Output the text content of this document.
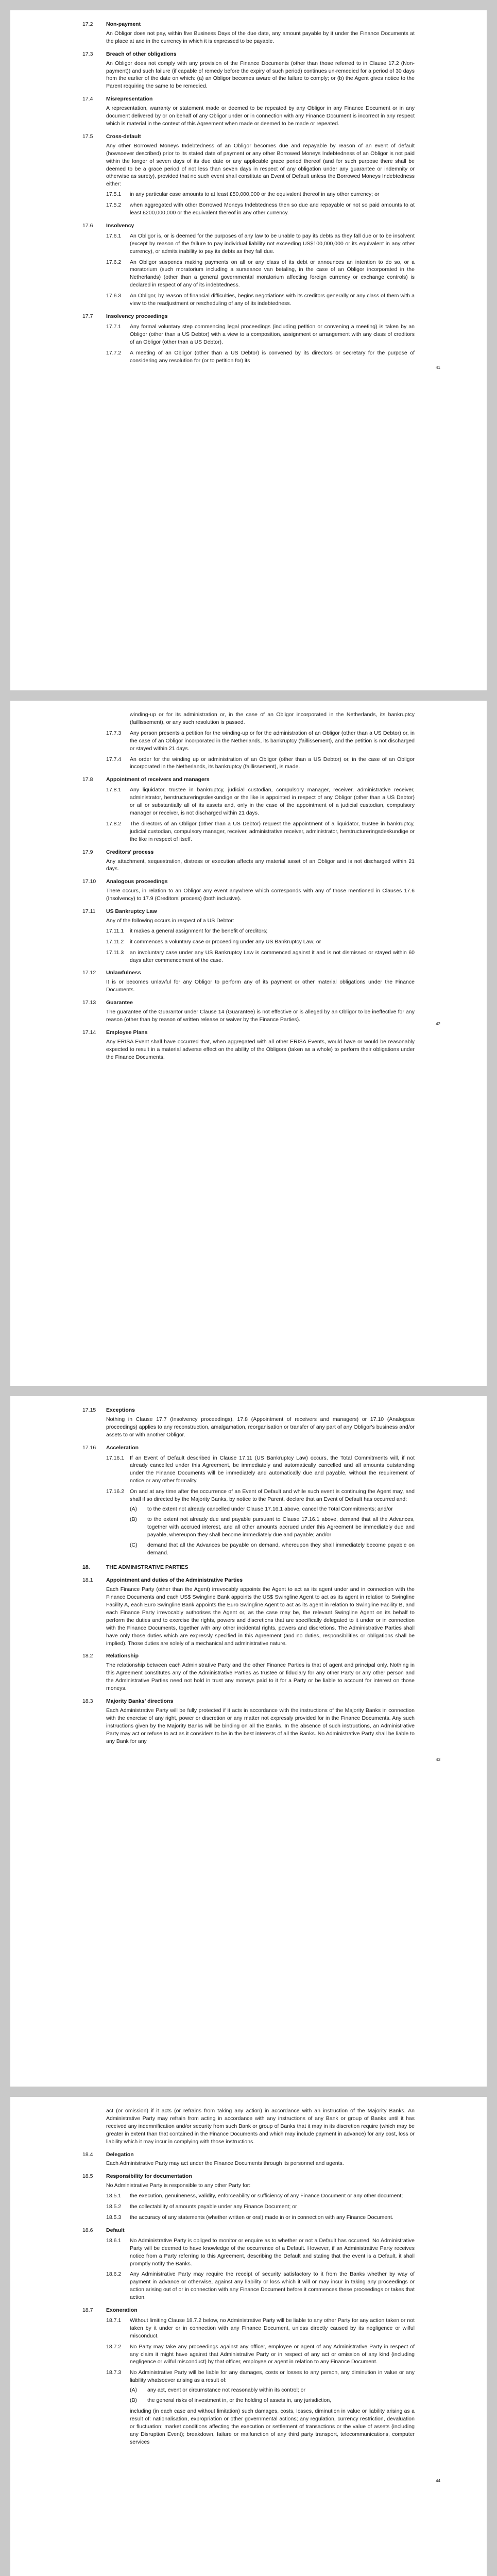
17.2	Non-payment

An Obligor does not pay, within five Business Days of the due date, any amount payable by it under the Finance Documents at the place at and in the currency in which it is expressed to be payable.

17.3	Breach of other obligations

An Obligor does not comply with any provision of the Finance Documents (other than those referred to in Clause 17.2 (Non-payment)) and such failure (if capable of remedy before the expiry of such period) continues un-remedied for a period of 30 days from the earlier of the date on which: (a) an Obligor becomes aware of the failure to comply; or (b) the Agent gives notice to the Parent requiring the same to be remedied.

17.4	Misrepresentation

A representation, warranty or statement made or deemed to be repeated by any Obligor in any Finance Document or in any document delivered by or on behalf of any Obligor under or in connection with any Finance Document is incorrect in any respect which is material in the context of this Agreement when made or deemed to be made or repeated.

17.5	Cross-default

Any other Borrowed Moneys Indebtedness of an Obligor becomes due and repayable by reason of an event of default (howsoever described) prior to its stated date of payment or any other Borrowed Moneys Indebtedness of an Obligor is not paid within the longer of seven days of its due date or any applicable grace period thereof (and for such purpose there shall be deemed to be a grace period of not less than seven days in respect of any obligation under any guarantee or indemnity or otherwise as surety), provided that no such event shall constitute an Event of Default unless the Borrowed Moneys Indebtedness either:

17.5.1 in any particular case amounts to at least £50,000,000 or the equivalent thereof in any other currency; or
17.5.2 when aggregated with other Borrowed Moneys Indebtedness then so due and repayable or not so paid amounts to at least £200,000,000 or the equivalent thereof in any other currency.
17.6	Insolvency
17.6.1 An Obligor is, or is deemed for the purposes of any law to be unable to pay its debts as they fall due or to be insolvent (except by reason of the failure to pay individual liability not exceeding US$100,000,000 or its equivalent in any other currency), or admits inability to pay its debts as they fall due.
17.6.2 An Obligor suspends making payments on all or any class of its debt or announces an intention to do so, or a moratorium (such moratorium including a surseance van betaling, in the case of an Obligor incorporated in the Netherlands) (other than a general governmental moratorium affecting foreign currency or exchange controls) is declared in respect of any of its indebtedness.
17.6.3 An Obligor, by reason of financial difficulties, begins negotiations with its creditors generally or any class of them with a view to the readjustment or rescheduling of any of its indebtedness.
17.7	Insolvency proceedings
17.7.1 Any formal voluntary step commencing legal proceedings (including petition or convening a meeting) is taken by an Obligor (other than a US Debtor) with a view to a composition, assignment or arrangement with any class of creditors of an Obligor (other than a US Debtor).
17.7.2 A meeting of an Obligor (other than a US Debtor) is convened by its directors or secretary for the purpose of considering any resolution for (or to petition for) its
41

winding-up or for its administration or, in the case of an Obligor incorporated in the Netherlands, its bankruptcy (faillissement), or any such resolution is passed.

17.7.3 Any person presents a petition for the winding-up or for the administration of an Obligor (other than a US Debtor) or, in the case of an Obligor incorporated in the Netherlands, its bankruptcy (faillissement), and the petition is not discharged or stayed within 21 days.
17.7.4 An order for the winding up or administration of an Obligor (other than a US Debtor) or, in the case of an Obligor incorporated in the Netherlands, its bankruptcy (faillissement), is made.
17.8	Appointment of receivers and managers
17.8.1 Any liquidator, trustee in bankruptcy, judicial custodian, compulsory manager, receiver, administrative receiver, administrator, herstructureringsdeskundige or the like is appointed in respect of any Obligor (other than a US Debtor) or all or substantially all of its assets and, only in the case of the appointment of a judicial custodian, compulsory manager or receiver, is not discharged within 21 days.
17.8.2 The directors of an Obligor (other than a US Debtor) request the appointment of a liquidator, trustee in bankruptcy, judicial custodian, compulsory manager, receiver, administrative receiver, administrator, herstructureringsdeskundige or the like in respect of itself.
17.9	Creditors' process

Any attachment, sequestration, distress or execution affects any material asset of an Obligor and is not discharged within 21 days.

17.10	Analogous proceedings

There occurs, in relation to an Obligor any event anywhere which corresponds with any of those mentioned in Clauses 17.6 (Insolvency) to 17.9 (Creditors' process) (both inclusive).

17.11	US Bankruptcy Law

Any of the following occurs in respect of a US Debtor:

17.11.1 it makes a general assignment for the benefit of creditors;
17.11.2 it commences a voluntary case or proceeding under any US Bankruptcy Law; or
17.11.3 an involuntary case under any US Bankruptcy Law is commenced against it and is not dismissed or stayed within 60 days after commencement of the case.
17.12	Unlawfulness

It is or becomes unlawful for any Obligor to perform any of its payment or other material obligations under the Finance Documents.

17.13	Guarantee

The guarantee of the Guarantor under Clause 14 (Guarantee) is not effective or is alleged by an Obligor to be ineffective for any reason (other than by reason of written release or waiver by the Finance Parties).

17.14	Employee Plans

Any ERISA Event shall have occurred that, when aggregated with all other ERISA Events, would have or would be reasonably expected to result in a material adverse effect on the ability of the Obligors (taken as a whole) to perform their obligations under the Finance Documents.

42
17.15	Exceptions

Nothing in Clause 17.7 (Insolvency proceedings), 17.8 (Appointment of receivers and managers) or 17.10 (Analogous proceedings) applies to any reconstruction, amalgamation, reorganisation or transfer of any part of any Obligor's business and/or assets to or with another Obligor.

17.16	Acceleration
17.16.1 If an Event of Default described in Clause 17.11 (US Bankruptcy Law) occurs, the Total Commitments will, if not already cancelled under this Agreement, be immediately and automatically cancelled and all amounts outstanding under the Finance Documents will be immediately and automatically due and payable, without the requirement of notice or any other formality.
17.16.2 On and at any time after the occurrence of an Event of Default and while such event is continuing the Agent may, and shall if so directed by the Majority Banks, by notice to the Parent, declare that an Event of Default has occurred and:
(A) to the extent not already cancelled under Clause 17.16.1 above, cancel the Total Commitments; and/or
(B) to the extent not already due and payable pursuant to Clause 17.16.1 above, demand that all the Advances, together with accrued interest, and all other amounts accrued under this Agreement be immediately due and payable, whereupon they shall become immediately due and payable; and/or
(C) demand that all the Advances be payable on demand, whereupon they shall immediately become payable on demand.
18.	THE ADMINISTRATIVE PARTIES
18.1	Appointment and duties of the Administrative Parties

Each Finance Party (other than the Agent) irrevocably appoints the Agent to act as its agent under and in connection with the Finance Documents and each US$ Swingline Bank appoints the US$ Swingline Agent to act as its agent in relation to Swingline Facility A, each Euro Swingline Bank appoints the Euro Swingline Agent to act as its agent in relation to Swingline Facility B, and each Finance Party irrevocably authorises the Agent or, as the case may be, the relevant Swingline Agent on its behalf to perform the duties and to exercise the rights, powers and discretions that are specifically delegated to it under or in connection with the Finance Documents, together with any other incidental rights, powers and discretions. The Administrative Parties shall have only those duties which are expressly specified in this Agreement (and no duties, responsibilities or obligations shall be implied). Those duties are solely of a mechanical and administrative nature.

18.2	Relationship

The relationship between each Administrative Party and the other Finance Parties is that of agent and principal only. Nothing in this Agreement constitutes any of the Administrative Parties as trustee or fiduciary for any other Party or any other person and the Administrative Parties need not hold in trust any moneys paid to it for a Party or be liable to account for interest on those moneys.

18.3	Majority Banks' directions

Each Administrative Party will be fully protected if it acts in accordance with the instructions of the Majority Banks in connection with the exercise of any right, power or discretion or any matter not expressly provided for in the Finance Documents. Any such instructions given by the Majority Banks will be binding on all the Banks. In the absence of such instructions, an Administrative Party may act or refuse to act as it considers to be in the best interests of all the Banks. No Administrative Party shall be liable to any Bank for any

43

act (or omission) if it acts (or refrains from taking any action) in accordance with an instruction of the Majority Banks. An Administrative Party may refrain from acting in accordance with any instructions of any Bank or group of Banks until it has received any indemnification and/or security from such Bank or group of Banks that it may in its discretion require (which may be greater in extent than that contained in the Finance Documents and which may include payment in advance) for any cost, loss or liability which it may incur in complying with those instructions.

18.4	Delegation

Each Administrative Party may act under the Finance Documents through its personnel and agents.

18.5	Responsibility for documentation

No Administrative Party is responsible to any other Party for:

18.5.1 the execution, genuineness, validity, enforceability or sufficiency of any Finance Document or any other document;
18.5.2 the collectability of amounts payable under any Finance Document; or
18.5.3 the accuracy of any statements (whether written or oral) made in or in connection with any Finance Document.
18.6	Default
18.6.1 No Administrative Party is obliged to monitor or enquire as to whether or not a Default has occurred. No Administrative Party will be deemed to have knowledge of the occurrence of a Default. However, if an Administrative Party receives notice from a Party referring to this Agreement, describing the Default and stating that the event is a Default, it shall promptly notify the Banks.
18.6.2 Any Administrative Party may require the receipt of security satisfactory to it from the Banks whether by way of payment in advance or otherwise, against any liability or loss which it will or may incur in taking any proceedings or action arising out of or in connection with any Finance Document before it commences these proceedings or takes that action.
18.7	Exoneration
18.7.1 Without limiting Clause 18.7.2 below, no Administrative Party will be liable to any other Party for any action taken or not taken by it under or in connection with any Finance Document, unless directly caused by its negligence or wilful misconduct.
18.7.2 No Party may take any proceedings against any officer, employee or agent of any Administrative Party in respect of any claim it might have against that Administrative Party or in respect of any act or omission of any kind (including negligence or wilful misconduct) by that officer, employee or agent in relation to any Finance Document.
18.7.3 No Administrative Party will be liable for any damages, costs or losses to any person, any diminution in value or any liability whatsoever arising as a result of:
(A) any act, event or circumstance not reasonably within its control; or
(B) the general risks of investment in, or the holding of assets in, any jurisdiction,

including (in each case and without limitation) such damages, costs, losses, diminution in value or liability arising as a result of: nationalisation, expropriation or other governmental actions; any regulation, currency restriction, devaluation or fluctuation; market conditions affecting the execution or settlement of transactions or the value of assets (including any Disruption Event); breakdown, failure or malfunction of any third party transport, telecommunications, computer services

44
